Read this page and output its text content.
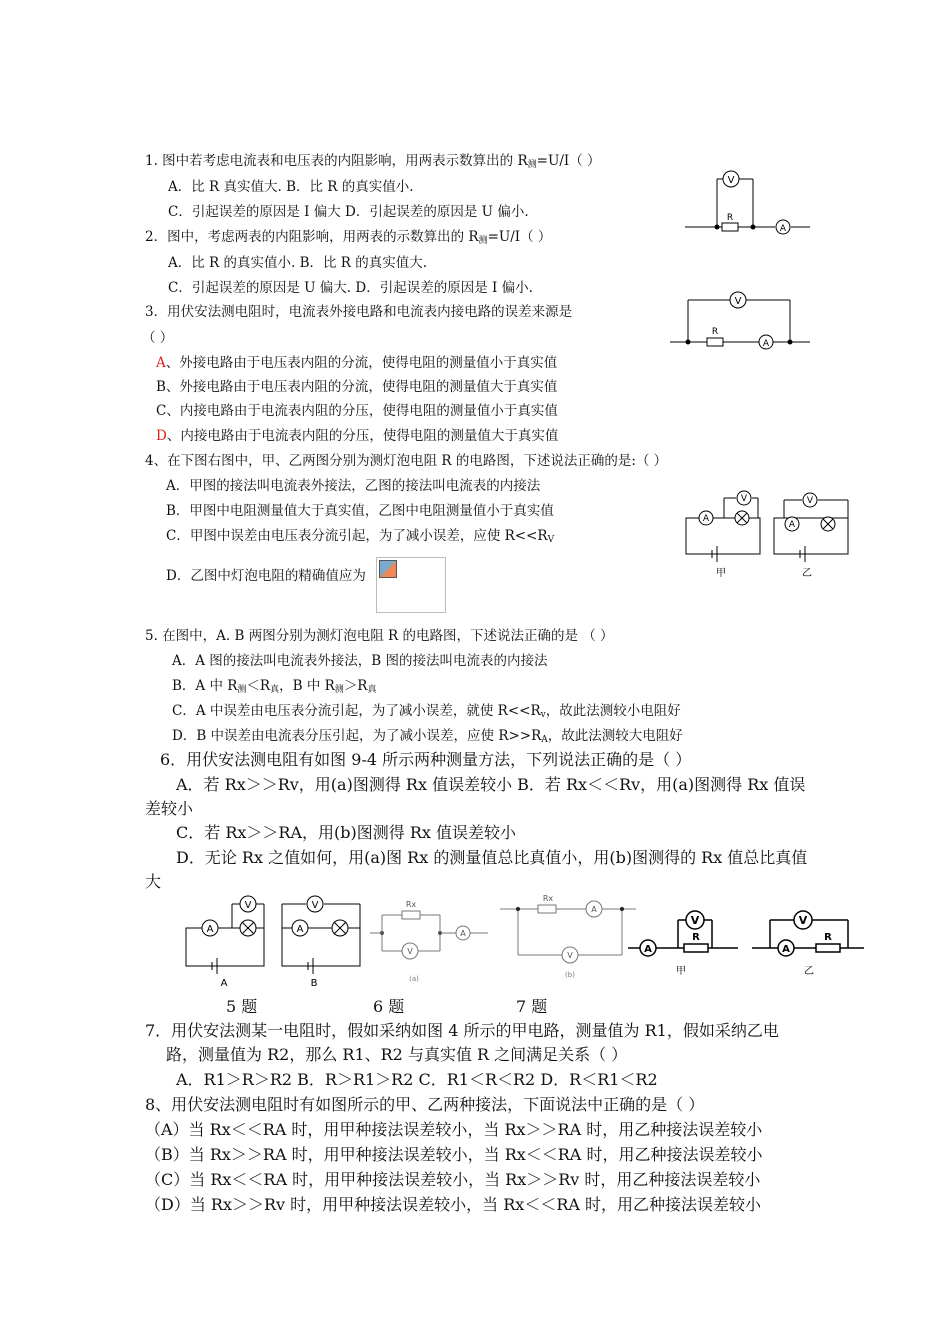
1. 图中若考虑电流表和电压表的内阻影响，用两表示数算出的 $R_测=U/I$（ ）
A．比 R 真实值大. B．比 R 的真实值小.
C．引起误差的原因是 I 偏大 D．引起误差的原因是 U 偏小.
V
R
A
2．图中，考虑两表的内阻影响，用两表的示数算出的 $R_测=U/I$（ ）
A．比 R 的真实值小. B．比 R 的真实值大.
C．引起误差的原因是 U 偏大. D．引起误差的原因是 I 偏小.
V
R
A
3．用伏安法测电阻时，电流表外接电路和电流表内接电路的误差来源是
（ ）
A、外接电路由于电压表内阻的分流，使得电阻的测量值小于真实值
B、外接电路由于电压表内阻的分流，使得电阻的测量值大于真实值
C、内接电路由于电流表内阻的分压，使得电阻的测量值小于真实值
D、内接电路由于电流表内阻的分压，使得电阻的测量值大于真实值
4、在下图右图中，甲、乙两图分别为测灯泡电阻 R 的电路图，下述说法正确的是:（ ）
A．甲图的接法叫电流表外接法，乙图的接法叫电流表的内接法
B．甲图中电阻测量值大于真实值，乙图中电阻测量值小于真实值
C．甲图中误差由电压表分流引起，为了减小误差，应使 $R<<R_V$
D．乙图中灯泡电阻的精确值应为
A
V	V
A
甲	乙
5. 在图中，A. B 两图分别为测灯泡电阻 R 的电路图，下述说法正确的是 （ ）
A．A 图的接法叫电流表外接法，B 图的接法叫电流表的内接法
B．A 中 $R_测<R_真$，B 中 $R_测>R_真$
C．A 中误差由电压表分流引起，为了减小误差，就使 $R<<R_v$，故此法测较小电阻好
D．B 中误差由电流表分压引起，为了减小误差，应使 $R>>R_A$，故此法测较大电阻好
6．用伏安法测电阻有如图 9-4 所示两种测量方法，下列说法正确的是（ ）
A．若 Rx＞＞Rv，用(a)图测得 Rx 值误差较小 B．若 Rx＜＜Rv，用(a)图测得 Rx 值误
差较小
C．若 Rx＞＞RA，用(b)图测得 Rx 值误差较小
D．无论 Rx 之值如何，用(a)图 Rx 的测量值总比真值小，用(b)图测得的 Rx 值总比真值
大
A
V
A
V
A
B
Rx
V
A
(a)
Rx
A
V
(b)
A
V
R
甲
A
V
R
乙
5 题	6 题	7 题
7．用伏安法测某一电阻时，假如采纳如图 4 所示的甲电路，测量值为 R1，假如采纳乙电
路，测量值为 R2，那么 R1、R2 与真实值 R 之间满足关系（ ）
A．R1＞R＞R2 B．R＞R1＞R2 C．R1＜R＜R2 D．R＜R1＜R2
8、用伏安法测电阻时有如图所示的甲、乙两种接法，下面说法中正确的是（ ）
（A）当 Rx＜＜RA 时，用甲种接法误差较小，当 Rx＞＞RA 时，用乙种接法误差较小
（B）当 Rx＞＞RA 时，用甲种接法误差较小，当 Rx＜＜RA 时，用乙种接法误差较小
（C）当 Rx＜＜RA 时，用甲种接法误差较小，当 Rx＞＞Rv 时，用乙种接法误差较小
（D）当 Rx＞＞Rv 时，用甲种接法误差较小，当 Rx＜＜RA 时，用乙种接法误差较小
